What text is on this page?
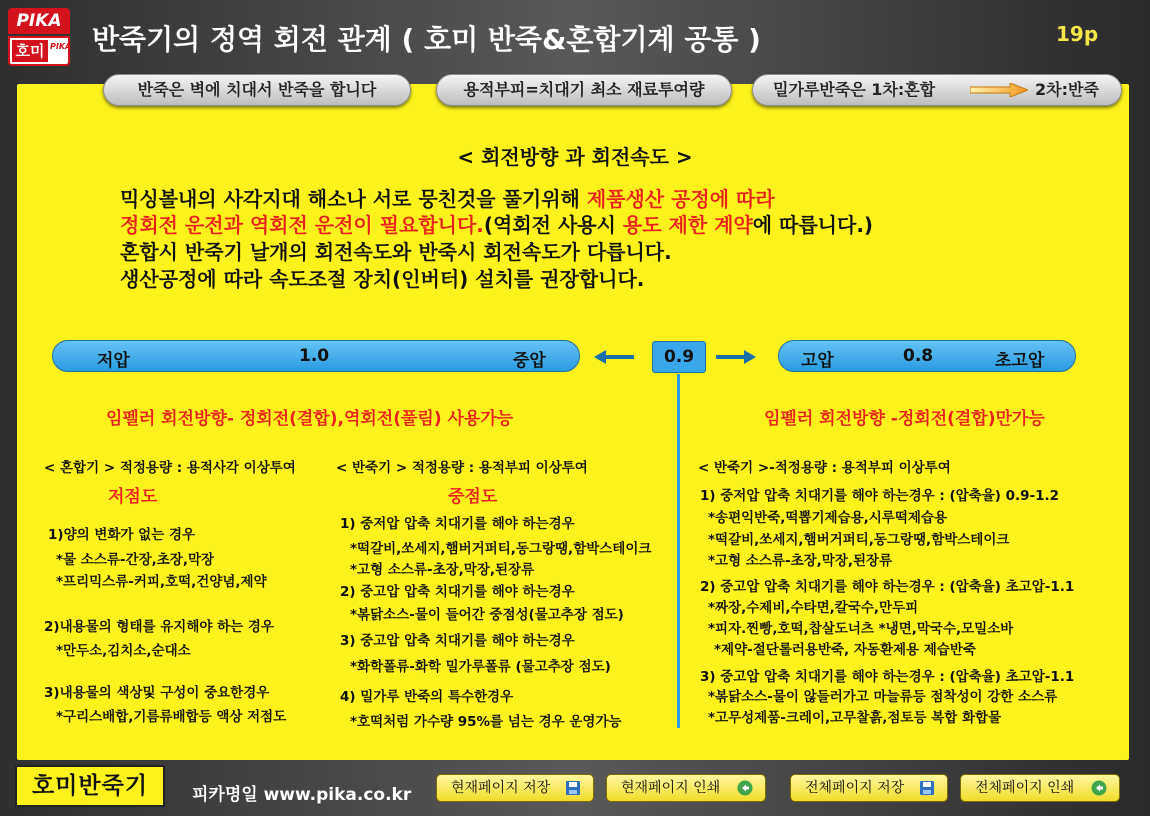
PIKA
호미 PIKA 반죽기의 정역 회전 관계 ( 호미 반죽&혼합기계 공통 )	19p
반죽은 벽에 치대서 반죽을 합니다	용적부피=치대기 최소 재료투여량	밀가루반죽은 1차:혼합	2차:반죽
< 회전방향 과 회전속도 >
믹싱볼내의 사각지대 해소나 서로 뭉친것을 풀기위해 제품생산 공정에 따라
정회전 운전과 역회전 운전이 필요합니다.(역회전 사용시 용도 제한 계약에 따릅니다.)
혼합시 반죽기 날개의 회전속도와 반죽시 회전속도가 다릅니다.
생산공정에 따라 속도조절 장치(인버터) 설치를 권장합니다.
저압	1.0	중압	0.9	고압	0.8	초고압
임펠러 회전방향- 정회전(결합),역회전(풀림) 사용가능	임펠러 회전방향 -정회전(결합)만가능
< 혼합기 > 적정용량 : 용적사각 이상투여
저점도
1)양의 변화가 없는 경우
*물 소스류-간장,초장,막장
*프리믹스류-커피,호떡,건양념,제약
2)내용물의 형태를 유지해야 하는 경우
*만두소,김치소,순대소
3)내용물의 색상및 구성이 중요한경우
*구리스배합,기름류배합등 액상 저점도
< 반죽기 > 적정용량 : 용적부피 이상투여
중점도
1) 중저압 압축 치대기를 해야 하는경우
*떡갈비,쏘세지,햄버거퍼티,동그랑땡,함박스테이크
*고형 소스류-초장,막장,된장류
2) 중고압 압축 치대기를 해야 하는경우
*볶닭소스-물이 들어간 중점성(물고추장 점도)
3) 중고압 압축 치대기를 해야 하는경우
*화학폴류-화학 밀가루폴류 (물고추장 점도)
4) 밀가루 반죽의 특수한경우
*호떡처럼 가수량 95%를 넘는 경우 운영가능
< 반죽기 >-적정용량 : 용적부피 이상투여
1) 중저압 압축 치대기를 해야 하는경우 : (압축율) 0.9-1.2
*송편익반죽,떡뽑기제습용,시루떡제습용
*떡갈비,쏘세지,햄버거퍼티,동그랑땡,함박스테이크
*고형 소스류-초장,막장,된장류
2) 중고압 압축 치대기를 해야 하는경우 : (압축율) 초고압-1.1
*짜장,수제비,수타면,칼국수,만두피
*피자.찐빵,호떡,찹살도너츠 *냉면,막국수,모밀소바
*제약-절단롤러용반죽, 자동환제용 제습반죽
3) 중고압 압축 치대기를 해야 하는경우 : (압축율) 초고압-1.1
*볶닭소스-물이 않들러가고 마늘류등 점착성이 강한 소스류
*고무성제품-크레이,고무찰흙,점토등 복합 화합물
호미반죽기	피카명일 www.pika.co.kr	현재페이지 저장	현재페이지 인쇄	전체페이지 저장	전체페이지 인쇄
